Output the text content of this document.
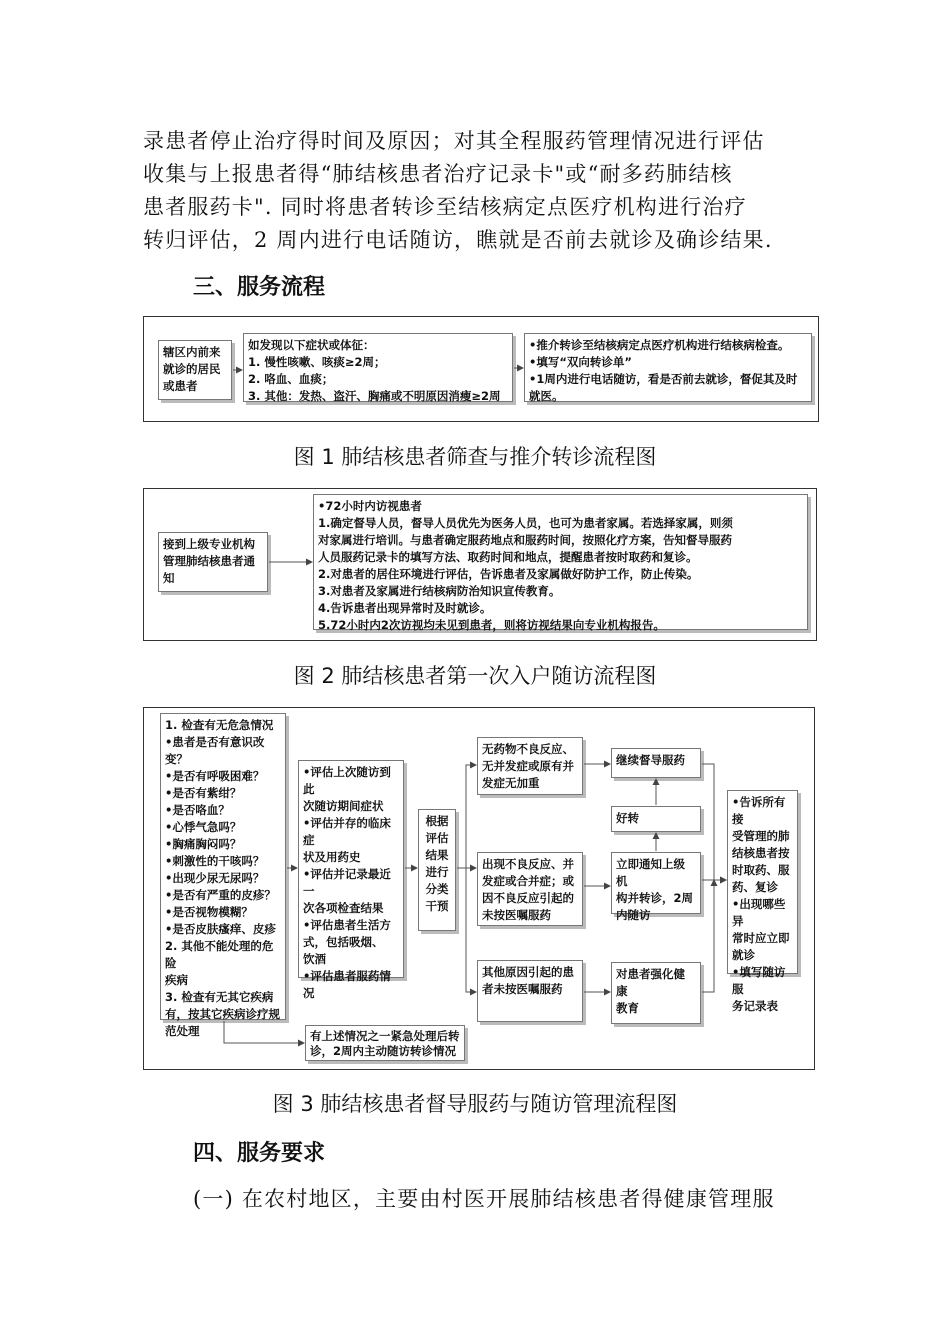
录患者停止治疗得时间及原因；对其全程服药管理情况进行评估
收集与上报患者得“肺结核患者治疗记录卡"或“耐多药肺结核
患者服药卡". 同时将患者转诊至结核病定点医疗机构进行治疗
转归评估，2 周内进行电话随访，瞧就是否前去就诊及确诊结果.
三、服务流程
辖区内前来
就诊的居民
或患者
如发现以下症状或体征：
1. 慢性咳嗽、咳痰≥2周；
2. 咯血、血痰；
3. 其他：发热、盗汗、胸痛或不明原因消瘦≥2周
•推介转诊至结核病定点医疗机构进行结核病检查。
•填写“双向转诊单”
•1周内进行电话随访，看是否前去就诊，督促其及时
就医。
图 1 肺结核患者筛查与推介转诊流程图
接到上级专业机构
管理肺结核患者通
知
•72小时内访视患者
1.确定督导人员，督导人员优先为医务人员，也可为患者家属。若选择家属，则须
对家属进行培训。与患者确定服药地点和服药时间，按照化疗方案，告知督导服药
人员服药记录卡的填写方法、取药时间和地点，提醒患者按时取药和复诊。
2.对患者的居住环境进行评估，告诉患者及家属做好防护工作，防止传染。
3.对患者及家属进行结核病防治知识宣传教育。
4.告诉患者出现异常时及时就诊。
5.72小时内2次访视均未见到患者，则将访视结果向专业机构报告。
图 2 肺结核患者第一次入户随访流程图
1. 检查有无危急情况
•患者是否有意识改
变？
•是否有呼吸困难？
•是否有紫绀？
•是否咯血？
•心悸气急吗？
•胸痛胸闷吗？
•刺激性的干咳吗？
•出现少尿无尿吗？
•是否有严重的皮疹？
•是否视物模糊？
•是否皮肤瘙痒、皮疹
2. 其他不能处理的危险
疾病
3. 检查有无其它疾病
有，按其它疾病诊疗规
范处理
•评估上次随访到此
次随访期间症状
•评估并存的临床症
状及用药史
•评估并记录最近一
次各项检查结果
•评估患者生活方
式，包括吸烟、
饮酒
•评估患者服药情
况
根据
评估
结果
进行
分类
干预
无药物不良反应、
无并发症或原有并
发症无加重
出现不良反应、并
发症或合并症；或
因不良反应引起的
未按医嘱服药
其他原因引起的患
者未按医嘱服药
继续督导服药
好转
立即通知上级机
构并转诊，2周
内随访
对患者强化健康
教育
•告诉所有接
受管理的肺
结核患者按
时取药、服
药、复诊
•出现哪些异
常时应立即
就诊
•填写随访服
务记录表
有上述情况之一紧急处理后转
诊，2周内主动随访转诊情况
图 3 肺结核患者督导服药与随访管理流程图
四、服务要求
(一) 在农村地区，主要由村医开展肺结核患者得健康管理服
